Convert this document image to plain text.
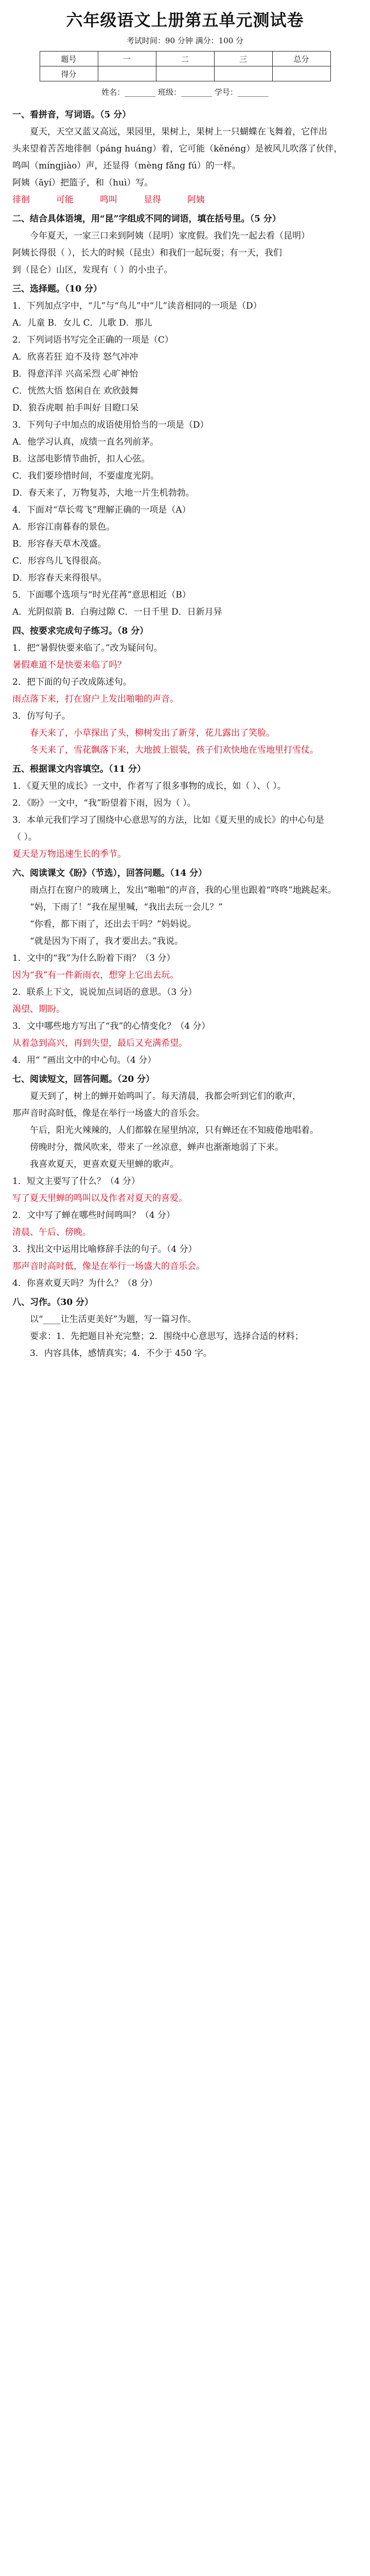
六年级语文上册第五单元测试卷
考试时间：90 分钟 满分：100 分
题号	一	二	三	总分
得分				
姓名：________ 班级：________ 学号：________

一、看拼音，写词语。（5 分）

夏天，天空又蓝又高远，果园里，果树上，果树上一只蝴蝶在飞舞着，它伴出

头来望着苦苦地徘徊（páng huáng）着，它可能（kěnéng）是被风儿吹落了伙伴，

鸣叫（míngjiào）声，还显得（mèng fǎng fú）的一样。

阿姨（āyí）把篮子，和（huì）写。

徘徊　　　可能　　　鸣叫　　　显得　　　阿姨

二、结合具体语境，用“昆”字组成不同的词语，填在括号里。（5 分）

今年夏天，一家三口来到阿姨（昆明）家度假。我们先一起去看（昆明）

阿姨长得很（ ），长大的时候（昆虫）和我们一起玩耍；有一天，我们

到（昆仑）山区，发现有（ ）的小虫子。

三、选择题。（10 分）

1．下列加点字中，“儿”与“鸟儿”中“儿”读音相同的一项是（D）

A．儿童 B．女儿 C．儿歌 D．那儿

2．下列词语书写完全正确的一项是（C）

A．欣喜若狂 迫不及待 怒气冲冲

B．得意洋洋 兴高采烈 心旷神怡

C．恍然大悟 悠闲自在 欢欣鼓舞

D．狼吞虎咽 拍手叫好 目瞪口呆

3．下列句子中加点的成语使用恰当的一项是（D）

A．他学习认真，成绩一直名列前茅。

B．这部电影情节曲折，扣人心弦。

C．我们要珍惜时间，不要虚度光阴。

D．春天来了，万物复苏，大地一片生机勃勃。

4．下面对“草长莺飞”理解正确的一项是（A）

A．形容江南暮春的景色。

B．形容春天草木茂盛。

C．形容鸟儿飞得很高。

D．形容春天来得很早。

5．下面哪个选项与“时光荏苒”意思相近（B）

A．光阴似箭 B．白驹过隙 C．一日千里 D．日新月异

四、按要求完成句子练习。（8 分）

1．把“暑假快要来临了。”改为疑问句。

暑假难道不是快要来临了吗？

2．把下面的句子改成陈述句。

雨点落下来，打在窗户上发出啪啪的声音。

3．仿写句子。

春天来了，小草探出了头，柳树发出了新芽，花儿露出了笑脸。

冬天来了，雪花飘落下来，大地披上银装，孩子们欢快地在雪地里打雪仗。

五、根据课文内容填空。（11 分）

1．《夏天里的成长》一文中，作者写了很多事物的成长，如（ ）、（ ）。

2．《盼》一文中，“我”盼望着下雨，因为（ ）。

3．本单元我们学习了围绕中心意思写的方法，比如《夏天里的成长》的中心句是

（ ）。

夏天是万物迅速生长的季节。

六、阅读课文《盼》（节选），回答问题。（14 分）

雨点打在窗户的玻璃上，发出“啪啪”的声音，我的心里也跟着“咚咚”地跳起来。

“妈，下雨了！”我在屋里喊，“我出去玩一会儿？”

“你看，都下雨了，还出去干吗？”妈妈说。

“就是因为下雨了，我才要出去。”我说。

1．文中的“我”为什么盼着下雨？（3 分）

因为“我”有一件新雨衣，想穿上它出去玩。

2．联系上下文，说说加点词语的意思。（3 分）

渴望、期盼。

3．文中哪些地方写出了“我”的心情变化？（4 分）

从着急到高兴，再到失望，最后又充满希望。

4．用“ ”画出文中的中心句。（4 分）

七、阅读短文，回答问题。（20 分）

夏天到了，树上的蝉开始鸣叫了。每天清晨，我都会听到它们的歌声，

那声音时高时低，像是在举行一场盛大的音乐会。

午后，阳光火辣辣的，人们都躲在屋里纳凉，只有蝉还在不知疲倦地唱着。

傍晚时分，微风吹来，带来了一丝凉意，蝉声也渐渐地弱了下来。

我喜欢夏天，更喜欢夏天里蝉的歌声。

1．短文主要写了什么？（4 分）

写了夏天里蝉的鸣叫以及作者对夏天的喜爱。

2．文中写了蝉在哪些时间鸣叫？（4 分）

清晨、午后、傍晚。

3．找出文中运用比喻修辞手法的句子。（4 分）

那声音时高时低，像是在举行一场盛大的音乐会。

4．你喜欢夏天吗？为什么？（8 分）

八、习作。（30 分）

以“____让生活更美好”为题，写一篇习作。

要求：1．先把题目补充完整；2．围绕中心意思写，选择合适的材料；

3．内容具体，感情真实；4．不少于 450 字。
